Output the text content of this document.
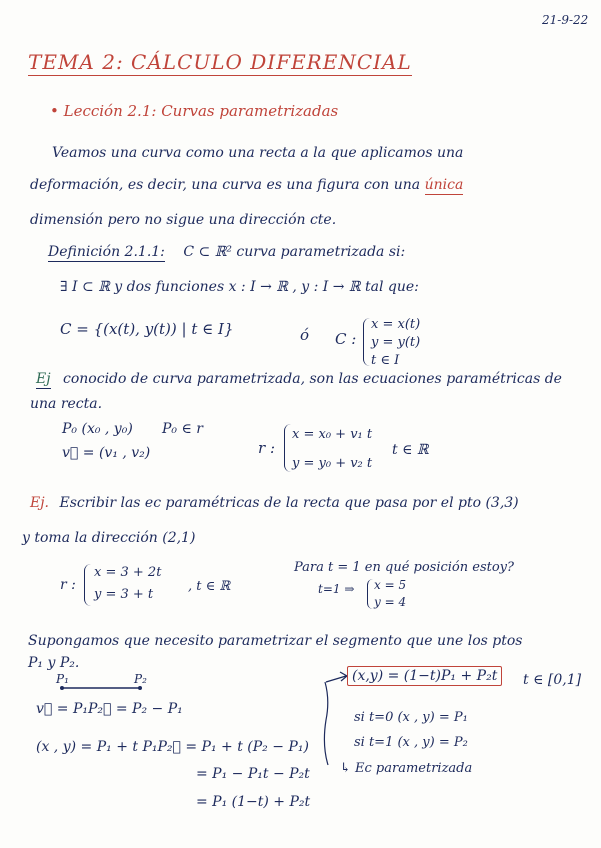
21-9-22
TEMA 2: CÁLCULO DIFERENCIAL
• Lección 2.1: Curvas parametrizadas
Veamos una curva como una recta a la que aplicamos una
deformación, es decir, una curva es una figura con una única
dimensión pero no sigue una dirección cte.
Definición 2.1.1: C ⊂ ℝ² curva parametrizada si:
∃ I ⊂ ℝ y dos funciones x : I → ℝ , y : I → ℝ tal que:
C = {(x(t), y(t)) | t ∈ I}	ó C :
x = x(t)
y = y(t)
t ∈ I
Ej conocido de curva parametrizada, son las ecuaciones paramétricas de
una recta.
P₀ (x₀ , y₀) P₀ ∈ r
v⃗ = (v₁ , v₂)	r :
x = x₀ + v₁ t
y = y₀ + v₂ t
t ∈ ℝ
Ej. Escribir las ec paramétricas de la recta que pasa por el pto (3,3)
y toma la dirección (2,1)
r :
x = 3 + 2t
y = 3 + t
, t ∈ ℝ
Para t = 1 en qué posición estoy?
t=1 ⇒ x = 5
y = 4
Supongamos que necesito parametrizar el segmento que une los ptos
P₁ y P₂.
P₁	P₂
v⃗ = P₁P₂⃗ = P₂ − P₁
(x , y) = P₁ + t P₁P₂⃗ = P₁ + t (P₂ − P₁)
= P₁ − P₁t − P₂t
= P₁ (1−t) + P₂t
(x,y) = (1−t)P₁ + P₂t	t ∈ [0,1]
si t=0 (x , y) = P₁
si t=1 (x , y) = P₂
↳ Ec parametrizada
